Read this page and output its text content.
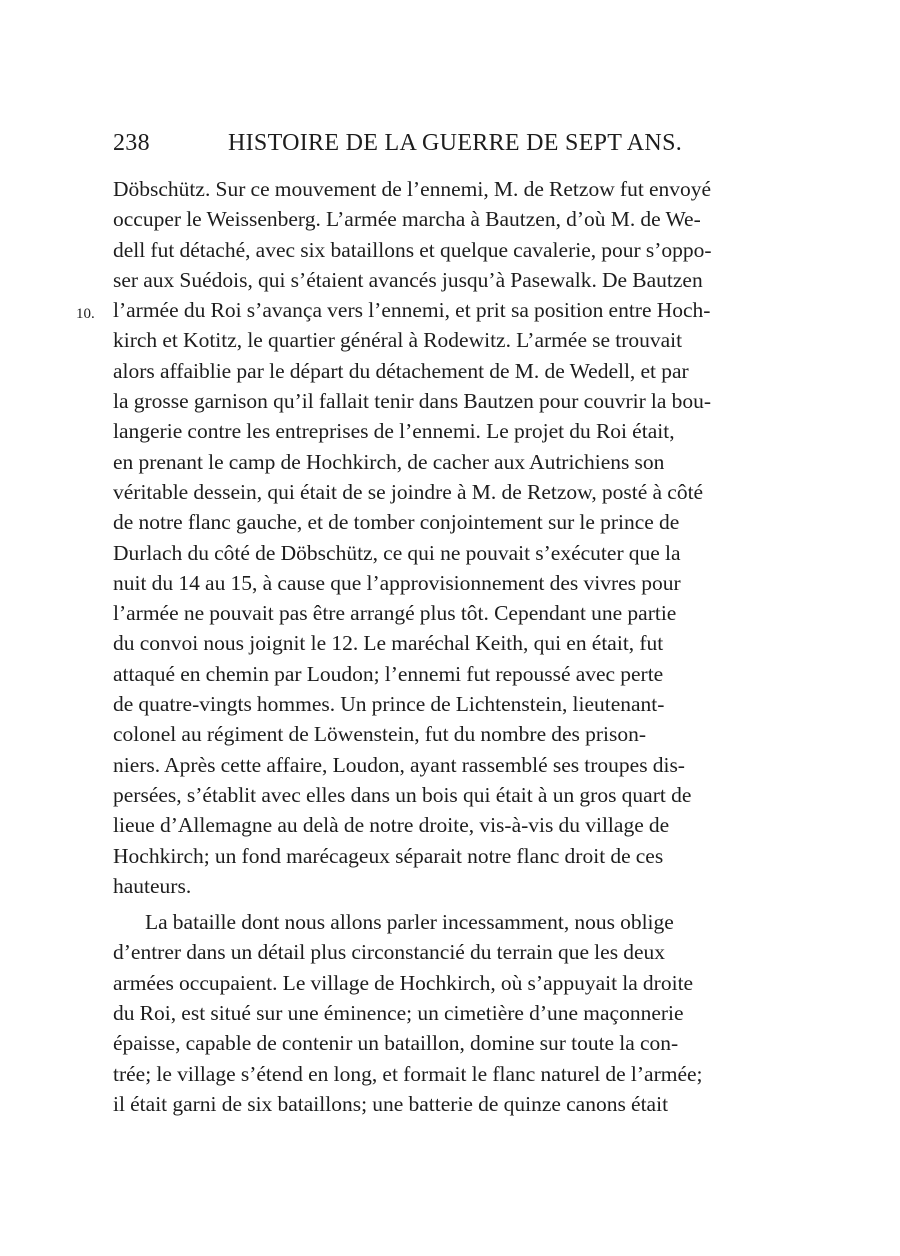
238	HISTOIRE DE LA GUERRE DE SEPT ANS.
10.
Döbschütz. Sur ce mouvement de l’ennemi, M. de Retzow fut envoyé
occuper le Weissenberg. L’armée marcha à Bautzen, d’où M. de We-
dell fut détaché, avec six bataillons et quelque cavalerie, pour s’oppo-
ser aux Suédois, qui s’étaient avancés jusqu’à Pasewalk. De Bautzen
l’armée du Roi s’avança vers l’ennemi, et prit sa position entre Hoch-
kirch et Kotitz, le quartier général à Rodewitz. L’armée se trouvait
alors affaiblie par le départ du détachement de M. de Wedell, et par
la grosse garnison qu’il fallait tenir dans Bautzen pour couvrir la bou-
langerie contre les entreprises de l’ennemi. Le projet du Roi était,
en prenant le camp de Hochkirch, de cacher aux Autrichiens son
véritable dessein, qui était de se joindre à M. de Retzow, posté à côté
de notre flanc gauche, et de tomber conjointement sur le prince de
Durlach du côté de Döbschütz, ce qui ne pouvait s’exécuter que la
nuit du 14 au 15, à cause que l’approvisionnement des vivres pour
l’armée ne pouvait pas être arrangé plus tôt. Cependant une partie
du convoi nous joignit le 12. Le maréchal Keith, qui en était, fut
attaqué en chemin par Loudon; l’ennemi fut repoussé avec perte
de quatre-vingts hommes. Un prince de Lichtenstein, lieutenant-
colonel au régiment de Löwenstein, fut du nombre des prison-
niers. Après cette affaire, Loudon, ayant rassemblé ses troupes dis-
persées, s’établit avec elles dans un bois qui était à un gros quart de
lieue d’Allemagne au delà de notre droite, vis-à-vis du village de
Hochkirch; un fond marécageux séparait notre flanc droit de ces
hauteurs.
La bataille dont nous allons parler incessamment, nous oblige
d’entrer dans un détail plus circonstancié du terrain que les deux
armées occupaient. Le village de Hochkirch, où s’appuyait la droite
du Roi, est situé sur une éminence; un cimetière d’une maçonnerie
épaisse, capable de contenir un bataillon, domine sur toute la con-
trée; le village s’étend en long, et formait le flanc naturel de l’armée;
il était garni de six bataillons; une batterie de quinze canons était
